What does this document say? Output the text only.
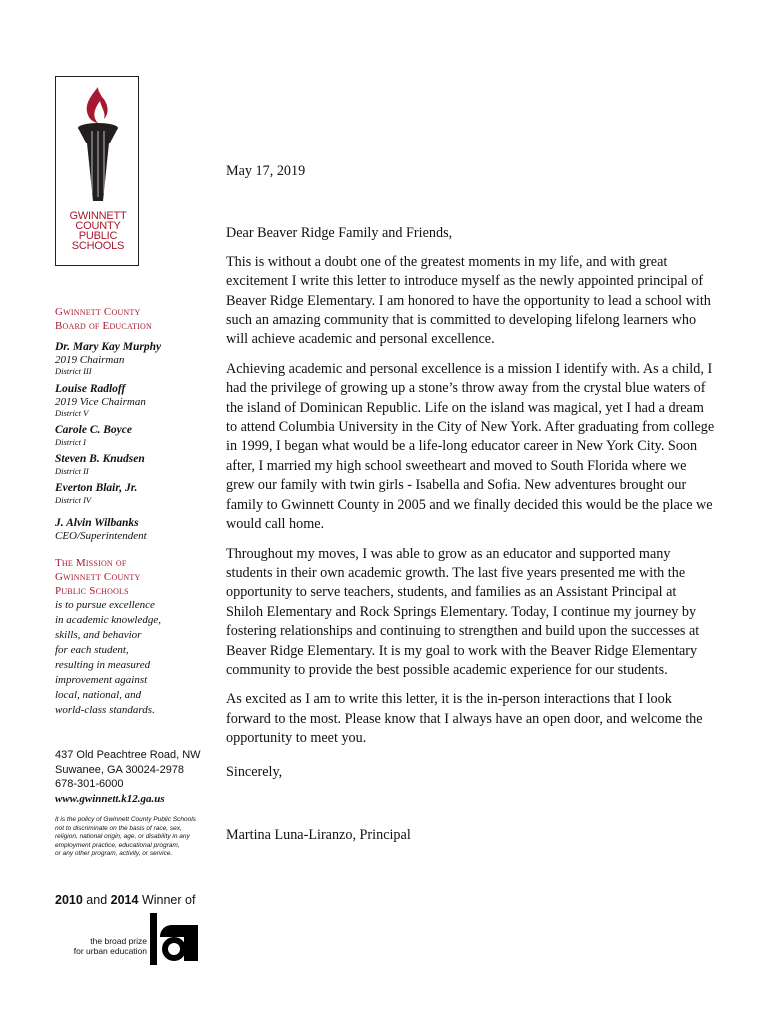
GWINNETT
COUNTY
PUBLIC
SCHOOLS
Gwinnett County
Board of Education
Dr. Mary Kay Murphy
2019 Chairman
District III
Louise Radloff
2019 Vice Chairman
District V
Carole C. Boyce
District I
Steven B. Knudsen
District II
Everton Blair, Jr.
District IV
J. Alvin Wilbanks
CEO/Superintendent
The Mission of
Gwinnett County
Public Schools
is to pursue excellence
in academic knowledge,
skills, and behavior
for each student,
resulting in measured
improvement against
local, national, and
world-class standards.
437 Old Peachtree Road, NW
Suwanee, GA 30024-2978
678-301-6000
www.gwinnett.k12.ga.us
It is the policy of Gwinnett County Public Schools
not to discriminate on the basis of race, sex,
religion, national origin, age, or disability in any
employment practice, educational program,
or any other program, activity, or service.
2010 and 2014 Winner of
the broad prize
for urban education

May 17, 2019

Dear Beaver Ridge Family and Friends,

This is without a doubt one of the greatest moments in my life, and with great excitement I write this letter to introduce myself as the newly appointed principal of Beaver Ridge Elementary. I am honored to have the opportunity to lead a school with such an amazing community that is committed to developing lifelong learners who will achieve academic and personal excellence.

Achieving academic and personal excellence is a mission I identify with. As a child, I had the privilege of growing up a stone’s throw away from the crystal blue waters of the island of Dominican Republic. Life on the island was magical, yet I had a dream to attend Columbia University in the City of New York. After graduating from college in 1999, I began what would be a life-long educator career in New York City. Soon after, I married my high school sweetheart and moved to South Florida where we grew our family with twin girls - Isabella and Sofia. New adventures brought our family to Gwinnett County in 2005 and we finally decided this would be the place we would call home.

Throughout my moves, I was able to grow as an educator and supported many students in their own academic growth. The last five years presented me with the opportunity to serve teachers, students, and families as an Assistant Principal at Shiloh Elementary and Rock Springs Elementary. Today, I continue my journey by fostering relationships and continuing to strengthen and build upon the successes at Beaver Ridge Elementary. It is my goal to work with the Beaver Ridge Elementary community to provide the best possible academic experience for our students.

As excited as I am to write this letter, it is the in-person interactions that I look forward to the most. Please know that I always have an open door, and welcome the opportunity to meet you.

Sincerely,

Martina Luna-Liranzo, Principal
